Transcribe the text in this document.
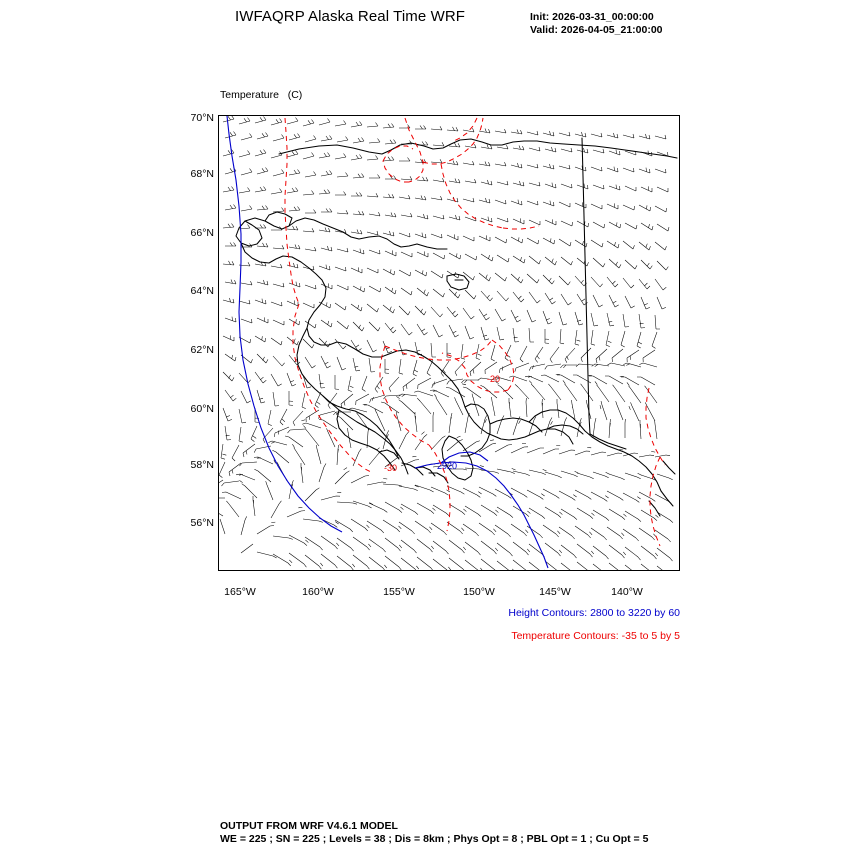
IWFAQRP Alaska Real Time WRF	Init: 2026-03-31_00:00:00
Valid: 2026-04-05_21:00:00

Temperature   (C)

70°N
68°N
66°N
64°N
62°N
60°N
58°N
56°N
2920
-20
-30
165°W	160°W	155°W	150°W	145°W	140°W
Height Contours: 2800 to 3220 by 60
Temperature Contours: -35 to 5 by 5
OUTPUT FROM WRF V4.6.1 MODEL
WE = 225 ; SN = 225 ; Levels = 38 ; Dis = 8km ; Phys Opt = 8 ; PBL Opt = 1 ; Cu Opt = 5
